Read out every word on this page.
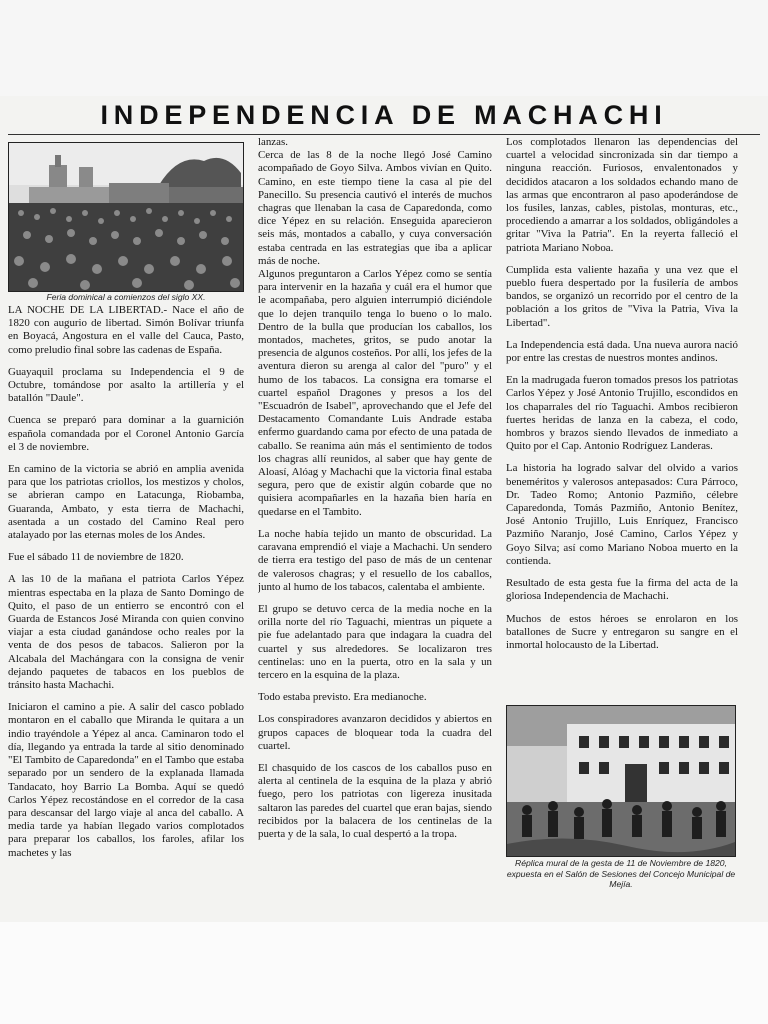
INDEPENDENCIA DE MACHACHI
Feria dominical a comienzos del siglo XX.

LA NOCHE DE LA LIBERTAD.- Nace el año de 1820 con augurio de libertad. Simón Bolívar triunfa en Boyacá, Angostura en el valle del Cauca, Pasto, como preludio final sobre las cadenas de España.

Guayaquil proclama su Independencia el 9 de Octubre, tomándose por asalto la artillería y el batallón "Daule".

Cuenca se preparó para dominar a la guarnición española comandada por el Coronel Antonio García el 3 de noviembre.

En camino de la victoria se abrió en amplia avenida para que los patriotas criollos, los mestizos y cholos, se abrieran campo en Latacunga, Riobamba, Guaranda, Ambato, y esta tierra de Machachi, asentada a un costado del Camino Real pero atalayado por las eternas moles de los Andes.

Fue el sábado 11 de noviembre de 1820.

A las 10 de la mañana el patriota Carlos Yépez mientras espectaba en la plaza de Santo Domingo de Quito, el paso de un entierro se encontró con el Guarda de Estancos José Miranda con quien convino viajar a esta ciudad ganándose ocho reales por la venta de dos pesos de tabacos. Salieron por la Alcabala del Machángara con la consigna de venir dejando paquetes de tabacos en los pueblos de tránsito hasta Machachi.

Iniciaron el camino a pie. A salir del casco poblado montaron en el caballo que Miranda le quitara a un indio trayéndole a Yépez al anca. Caminaron todo el día, llegando ya entrada la tarde al sitio denominado "El Tambito de Caparedonda" en el Tambo que estaba separado por un sendero de la explanada llamada Tandacato, hoy Barrio La Bomba. Aquí se quedó Carlos Yépez recostándose en el corredor de la casa para descansar del largo viaje al anca del caballo. A media tarde ya habían llegado varios complotados para preparar los caballos, los faroles, afilar los machetes y las

lanzas.

Cerca de las 8 de la noche llegó José Camino acompañado de Goyo Silva. Ambos vivían en Quito. Camino, en este tiempo tiene la casa al pie del Panecillo. Su presencia cautivó el interés de muchos chagras que llenaban la casa de Caparedonda, como dice Yépez en su relación. Enseguida aparecieron seis más, montados a caballo, y cuya conversación estaba centrada en las estrategias que iba a aplicar más de noche.

Algunos preguntaron a Carlos Yépez como se sentía para intervenir en la hazaña y cuál era el humor que le acompañaba, pero alguien interrumpió diciéndole que lo dejen tranquilo tenga lo bueno o lo malo. Dentro de la bulla que producían los caballos, los montados, machetes, gritos, se pudo anotar la presencia de algunos costeños. Por allí, los jefes de la aventura dieron su arenga al calor del "puro" y el humo de los tabacos. La consigna era tomarse el cuartel español Dragones y presos a los del "Escuadrón de Isabel", aprovechando que el Jefe del Destacamento Comandante Luis Andrade estaba enfermo guardando cama por efecto de una patada de caballo. Se reanima aún más el sentimiento de todos los chagras allí reunidos, al saber que hay gente de Aloasí, Alóag y Machachi que la victoria final estaba segura, pero que de existir algún cobarde que no quisiera acompañarles en la hazaña bien haría en quedarse en el Tambito.

La noche había tejido un manto de obscuridad. La caravana emprendió el viaje a Machachi. Un sendero de tierra era testigo del paso de más de un centenar de valerosos chagras; y el resuello de los caballos, junto al humo de los tabacos, calentaba el ambiente.

El grupo se detuvo cerca de la media noche en la orilla norte del río Taguachi, mientras un piquete a pie fue adelantado para que indagara la cuadra del cuartel y sus alrededores. Se localizaron tres centinelas: uno en la puerta, otro en la sala y un tercero en la esquina de la plaza.

Todo estaba previsto. Era medianoche.

Los conspiradores avanzaron decididos y abiertos en grupos capaces de bloquear toda la cuadra del cuartel.

El chasquido de los cascos de los caballos puso en alerta al centinela de la esquina de la plaza y abrió fuego, pero los patriotas con ligereza inusitada saltaron las paredes del cuartel que eran bajas, siendo recibidos por la balacera de los centinelas de la puerta y de la sala, lo cual despertó a la tropa.

Los complotados llenaron las dependencias del cuartel a velocidad sincronizada sin dar tiempo a ninguna reacción. Furiosos, envalentonados y decididos atacaron a los soldados echando mano de las armas que encontraron al paso apoderándose de los fusiles, lanzas, cables, pistolas, monturas, etc., procediendo a amarrar a los soldados, obligándoles a gritar "Viva la Patria". En la reyerta falleció el patriota Mariano Noboa.

Cumplida esta valiente hazaña y una vez que el pueblo fuera despertado por la fusilería de ambos bandos, se organizó un recorrido por el centro de la población a los gritos de "Viva la Patria, Viva la Libertad".

La Independencia está dada. Una nueva aurora nació por entre las crestas de nuestros montes andinos.

En la madrugada fueron tomados presos los patriotas Carlos Yépez y José Antonio Trujillo, escondidos en los chaparrales del río Taguachi. Ambos recibieron fuertes heridas de lanza en la cabeza, el codo, hombros y brazos siendo llevados de inmediato a Quito por el Cap. Antonio Rodríguez Landeras.

La historia ha logrado salvar del olvido a varios beneméritos y valerosos antepasados: Cura Párroco, Dr. Tadeo Romo; Antonio Pazmiño, célebre Caparedonda, Tomás Pazmiño, Antonio Benítez, José Antonio Trujillo, Luis Enríquez, Francisco Pazmiño Naranjo, José Camino, Carlos Yépez y Goyo Silva; así como Mariano Noboa muerto en la contienda.

Resultado de esta gesta fue la firma del acta de la gloriosa Independencia de Machachi.

Muchos de estos héroes se enrolaron en los batallones de Sucre y entregaron su sangre en el inmortal holocausto de la Libertad.

Réplica mural de la gesta de 11 de Noviembre de 1820, expuesta en el Salón de Sesiones del Concejo Municipal de Mejía.
